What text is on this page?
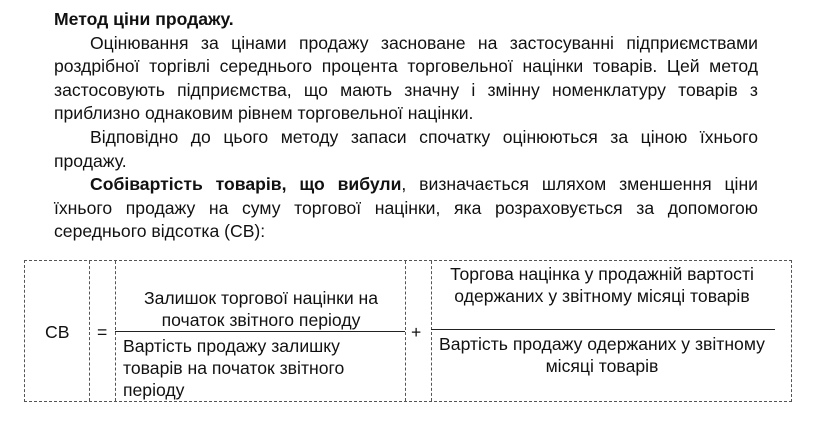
Метод ціни продажу.

Оцінювання за цінами продажу засноване на застосуванні підприємствами роздрібної торгівлі середнього процента торговельної націнки товарів. Цей метод застосовують підприємства, що мають значну і змінну номенклатуру товарів з приблизно однаковим рівнем торговельної націнки.

Відповідно до цього методу запаси спочатку оцінюються за ціною їхнього продажу.

Собівартість товарів, що вибули, визначається шляхом зменшення ціни їхнього продажу на суму торгової націнки, яка розраховується за допомогою середнього відсотка (СВ):

СВ =
Залишок торгової націнки на початок звітного періоду
Вартість продажу залишку товарів на початок звітного періоду
+
Торгова націнка у продажній вартості одержаних у звітному місяці товарів
Вартість продажу одержаних у звітному місяці товарів
